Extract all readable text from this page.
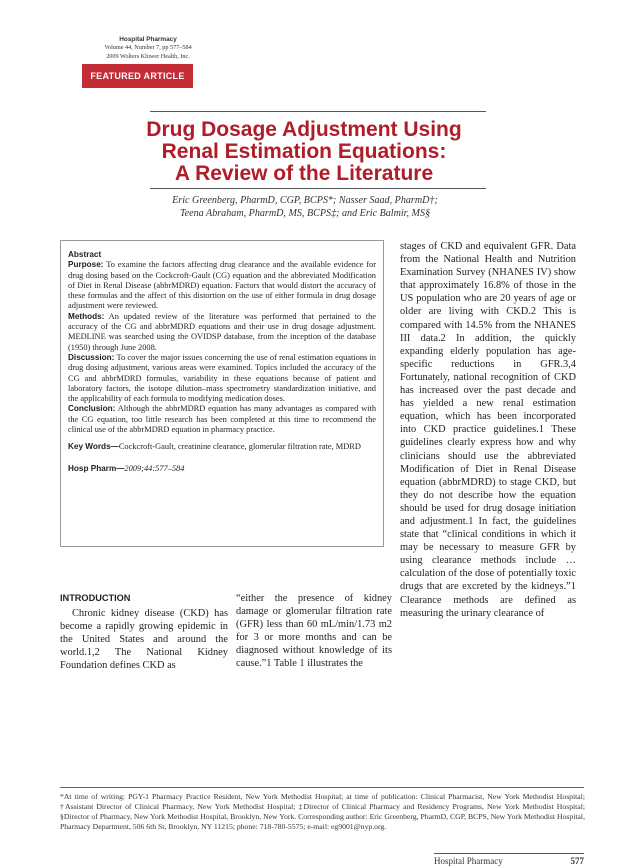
Hospital Pharmacy
Volume 44, Number 7, pp 577–584
2009 Wolters Kluwer Health, Inc.
FEATURED ARTICLE
Drug Dosage Adjustment Using
Renal Estimation Equations:
A Review of the Literature
Eric Greenberg, PharmD, CGP, BCPS*; Nasser Saad, PharmD†;
Teena Abraham, PharmD, MS, BCPS‡; and Eric Balmir, MS§
Abstract

Purpose: To examine the factors affecting drug clearance and the available evidence for drug dosing based on the Cockcroft-Gault (CG) equation and the abbreviated Modification of Diet in Renal Disease (abbrMDRD) equation. Factors that would distort the accuracy of these formulas and the affect of this distortion on the use of either formula in drug dosage adjustment were reviewed.

Methods: An updated review of the literature was performed that pertained to the accuracy of the CG and abbrMDRD equations and their use in drug dosage adjustment. MEDLINE was searched using the OVIDSP database, from the inception of the database (1950) through June 2008.

Discussion: To cover the major issues concerning the use of renal estimation equations in drug dosing adjustment, various areas were examined. Topics included the accuracy of the CG and abbrMDRD formulas, variability in these equations because of patient and laboratory factors, the isotope dilution–mass spectrometry standardization initiative, and the applicability of each formula to modifying medication doses.

Conclusion: Although the abbrMDRD equation has many advantages as compared with the CG equation, too little research has been completed at this time to recommend the clinical use of the abbrMDRD equation in pharmacy practice.

Key Words—Cockcroft-Gault, creatinine clearance, glomerular filtration rate, MDRD

Hosp Pharm—2009;44:577–584

stages of CKD and equivalent GFR. Data from the National Health and Nutrition Examination Survey (NHANES IV) show that approximately 16.8% of those in the US population who are 20 years of age or older are living with CKD.2 This is compared with 14.5% from the NHANES III data.2 In addition, the quickly expanding elderly population has age-specific reductions in GFR.3,4 Fortunately, national recognition of CKD has increased over the past decade and has yielded a new renal estimation equation, which has been incorporated into CKD practice guidelines.1 These guidelines clearly express how and why clinicians should use the abbreviated Modification of Diet in Renal Disease equation (abbrMDRD) to stage CKD, but they do not describe how the equation should be used for drug dosage initiation and adjustment.1 In fact, the guidelines state that “clinical conditions in which it may be necessary to measure GFR by using clearance methods include … calculation of the dose of potentially toxic drugs that are excreted by the kidneys.”1 Clearance methods are defined as measuring the urinary clearance of

INTRODUCTION

Chronic kidney disease (CKD) has become a rapidly growing epidemic in the United States and around the world.1,2 The National Kidney Foundation defines CKD as

“either the presence of kidney damage or glomerular filtration rate (GFR) less than 60 mL/min/1.73 m2 for 3 or more months and can be diagnosed without knowledge of its cause.”1 Table 1 illustrates the

*At time of writing: PGY-1 Pharmacy Practice Resident, New York Methodist Hospital; at time of publication: Clinical Pharmacist, New York Methodist Hospital; †Assistant Director of Clinical Pharmacy, New York Methodist Hospital; ‡Director of Clinical Pharmacy and Residency Programs, New York Methodist Hospital; §Director of Pharmacy, New York Methodist Hospital, Brooklyn, New York. Corresponding author: Eric Greenberg, PharmD, CGP, BCPS, New York Methodist Hospital, Pharmacy Department, 506 6th St, Brooklyn, NY 11215; phone: 718-780-5575; e-mail: eg9001@nyp.org.
Hospital Pharmacy	577
